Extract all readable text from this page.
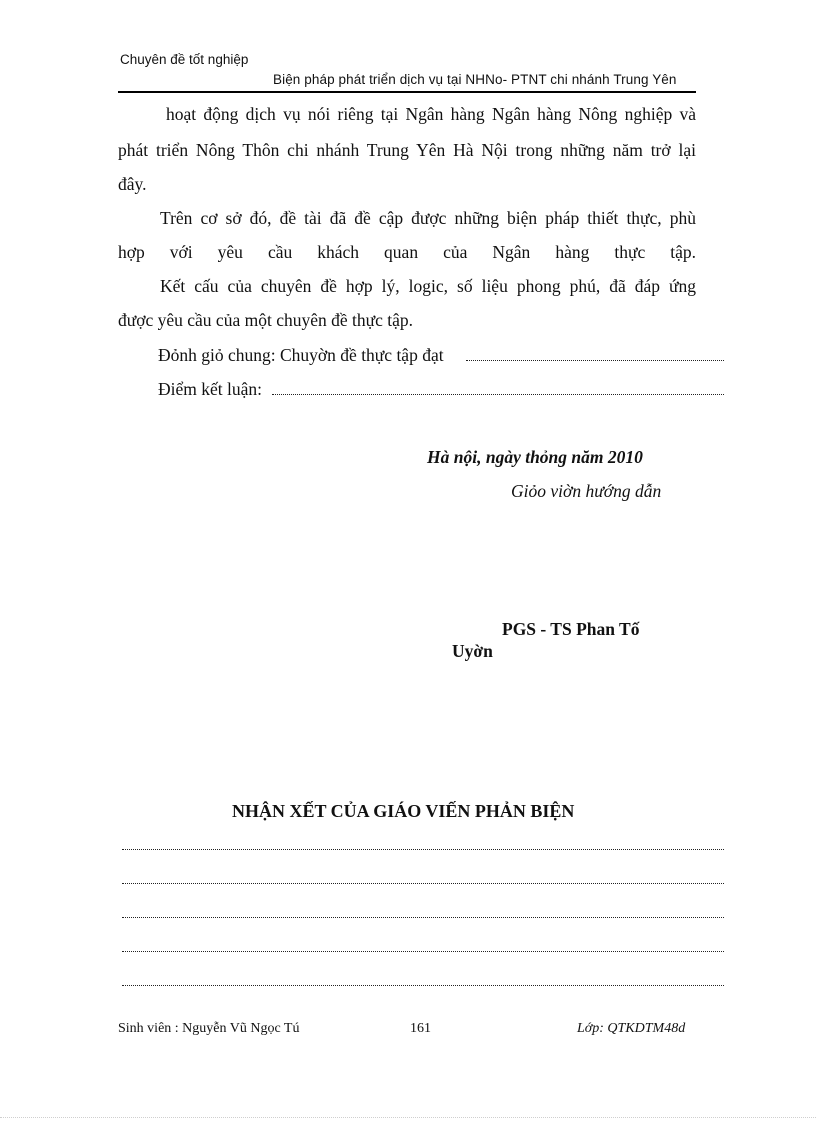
Chuyên đề tốt nghiệp
Biện pháp phát triển dịch vụ tại NHNo- PTNT chi nhánh Trung Yên
hoạt động dịch vụ nói riêng tại Ngân hàng Ngân hàng Nông nghiệp và
phát triển Nông Thôn chi nhánh Trung Yên Hà Nội trong những năm trở lại
đây.
Trên cơ sở đó, đề tài đã đề cập được những biện pháp thiết thực, phù
hợp với yêu cầu khách quan của Ngân hàng thực tập.
Kết cấu của chuyên đề hợp lý, logic, số liệu phong phú, đã đáp ứng
được yêu cầu của một chuyên đề thực tập.
Đỏnh giỏ chung: Chuyờn đề thực tập đạt
Điểm kết luận:
Hà nội, ngày thỏng năm 2010
Giỏo viờn hướng dẫn
PGS - TS Phan Tố
Uyờn
NHẬN XẾT CỦA GIÁO VIẾN PHẢN BIỆN
Sinh viên : Nguyễn Vũ Ngọc Tú	161	Lớp: QTKDTM48d
